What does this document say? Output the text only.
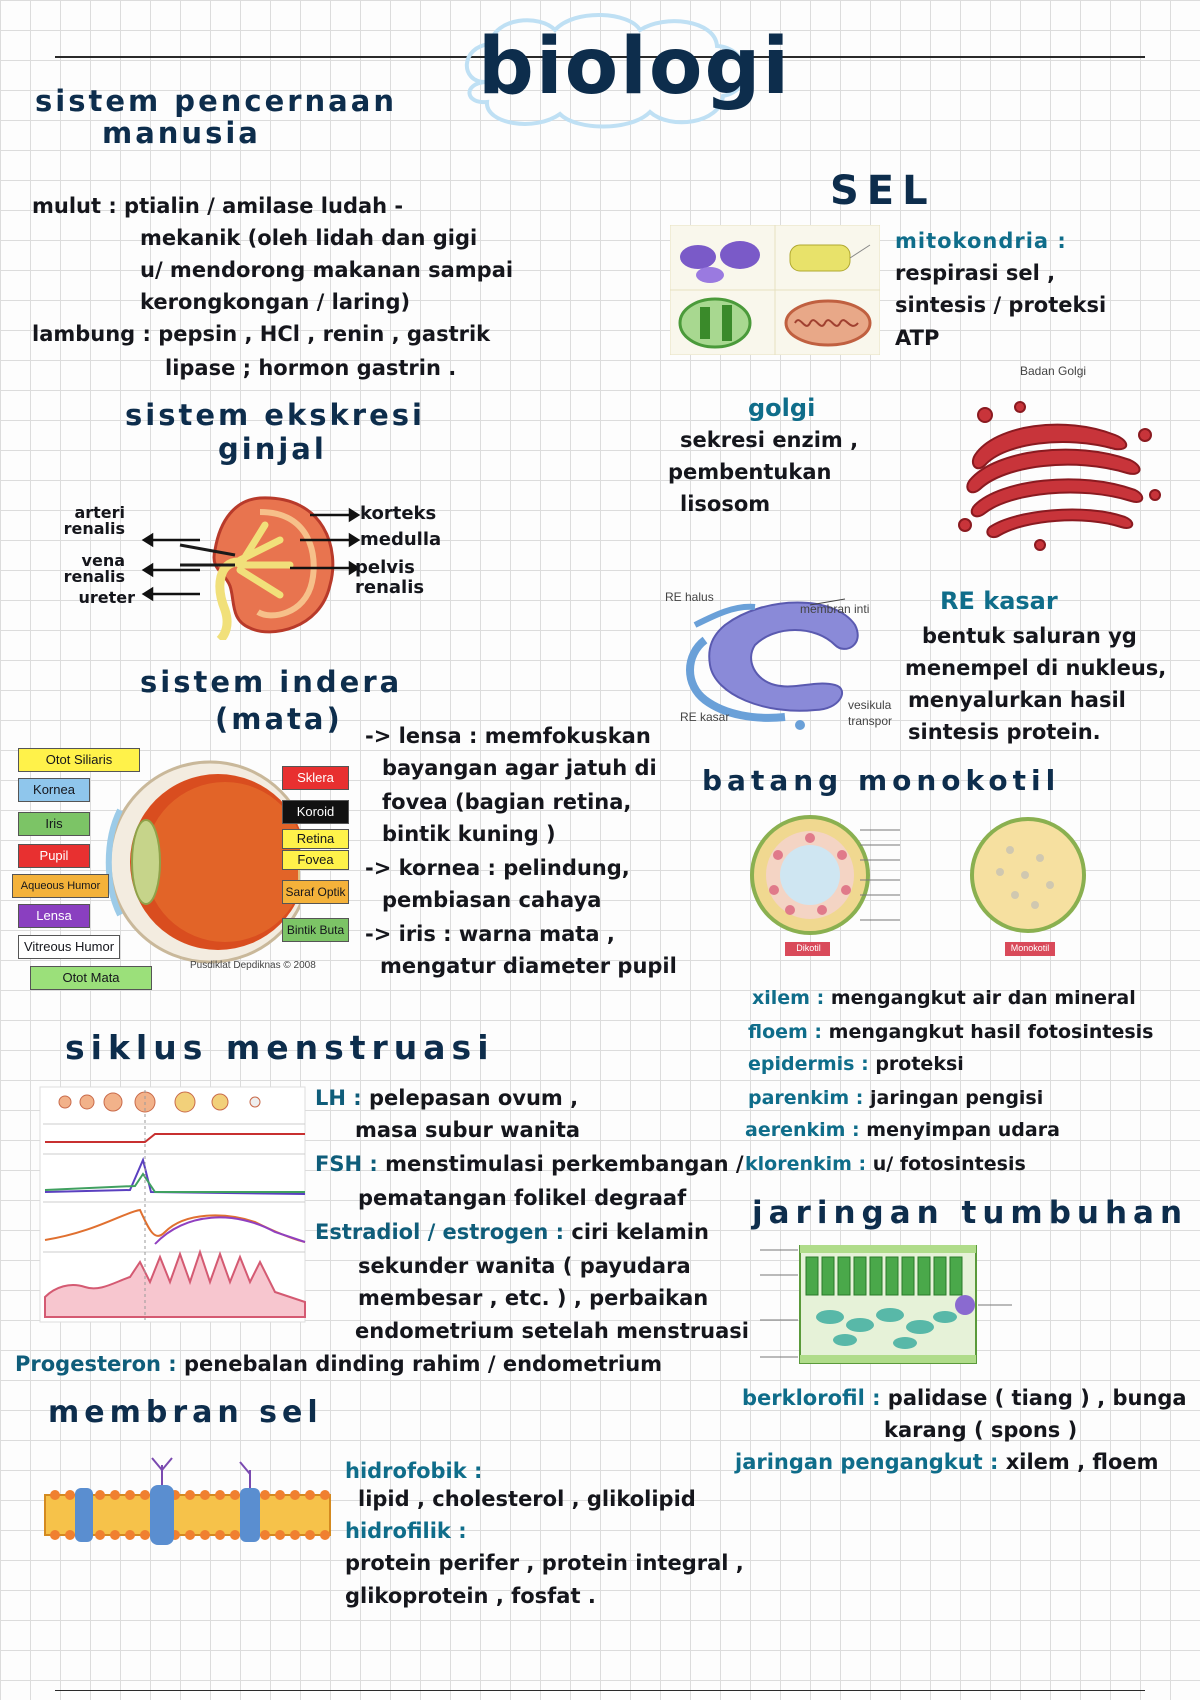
biologi
sistem pencernaan
manusia
mulut : ptialin / amilase ludah -
mekanik (oleh lidah dan gigi
u/ mendorong makanan sampai
kerongkongan / laring)
lambung : pepsin , HCl , renin , gastrik
lipase ; hormon gastrin .
sistem ekskresi
ginjal
arteri renalis
vena renalis
ureter
korteks
medulla
pelvis renalis
sistem indera
(mata)
Otot Siliaris
Kornea
Iris
Pupil
Aqueous Humor
Lensa
Vitreous Humor
Otot Mata
Sklera
Koroid
Retina
Fovea
Saraf Optik
Bintik Buta
Pusdiklat Depdiknas © 2008
-> lensa : memfokuskan
bayangan agar jatuh di
fovea (bagian retina,
bintik kuning )
-> kornea : pelindung,
pembiasan cahaya
-> iris : warna mata ,
mengatur diameter pupil
siklus menstruasi
LH : pelepasan ovum ,
masa subur wanita
FSH : menstimulasi perkembangan /
pematangan folikel degraaf
Estradiol / estrogen : ciri kelamin
sekunder wanita ( payudara
membesar , etc. ) , perbaikan
endometrium setelah menstruasi
Progesteron : penebalan dinding rahim / endometrium
membran sel
hidrofobik :
lipid , cholesterol , glikolipid
hidrofilik :
protein perifer , protein integral ,
glikoprotein , fosfat .
SEL
mitokondria :
respirasi sel ,
sintesis / proteksi
ATP
Badan Golgi
golgi
sekresi enzim ,
pembentukan
lisosom
RE halus
membran inti
RE kasar
vesikula
transpor
RE kasar
bentuk saluran yg
menempel di nukleus,
menyalurkan hasil
sintesis protein.
batang monokotil
Dikotil	Monokotil
xilem : mengangkut air dan mineral
floem : mengangkut hasil fotosintesis
epidermis : proteksi
parenkim : jaringan pengisi
aerenkim : menyimpan udara
klorenkim : u/ fotosintesis
jaringan tumbuhan
berklorofil : palidase ( tiang ) , bunga
karang ( spons )
jaringan pengangkut : xilem , floem
